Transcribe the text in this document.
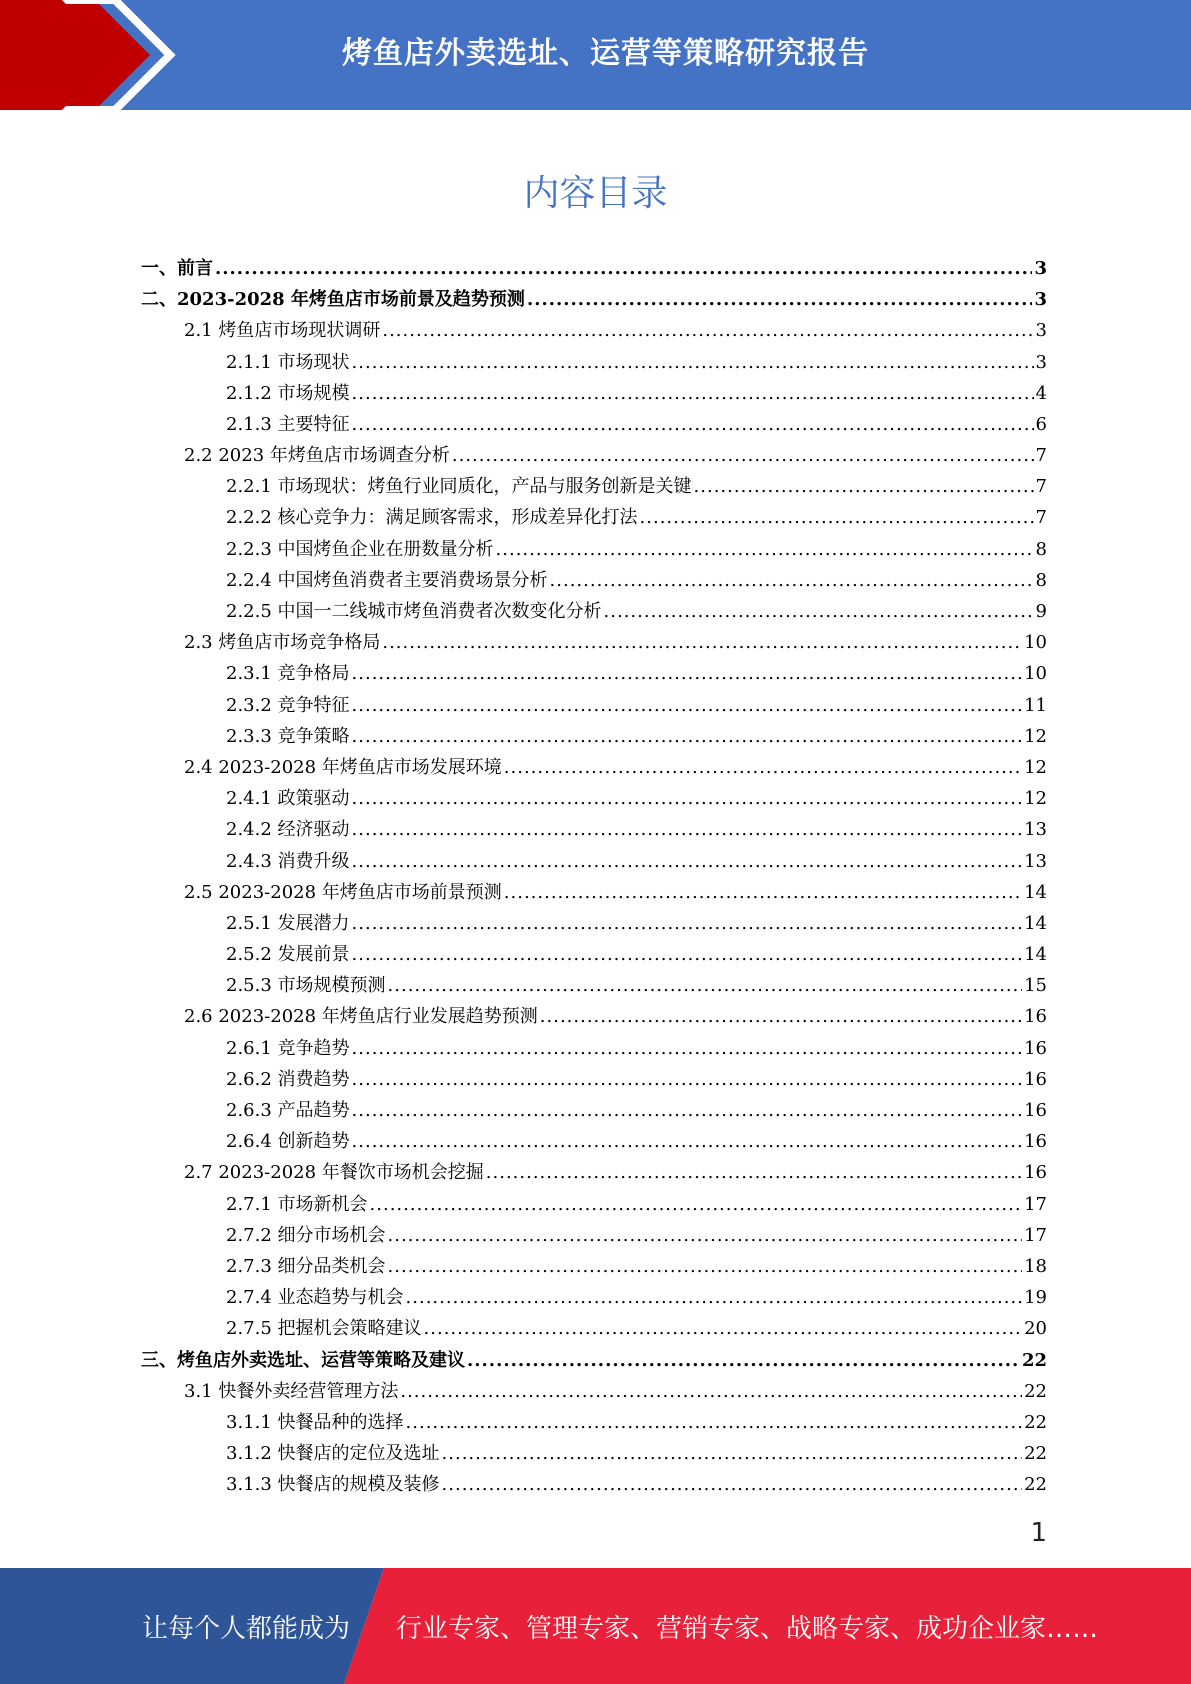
烤鱼店外卖选址、运营等策略研究报告
内容目录
一、前言 .....	3
二、2023-2028 年烤鱼店市场前景及趋势预测 .....	3
2.1 烤鱼店市场现状调研 .....	3
2.1.1 市场现状 .....	3
2.1.2 市场规模 .....	4
2.1.3 主要特征 .....	6
2.2 2023 年烤鱼店市场调查分析 .....	7
2.2.1 市场现状：烤鱼行业同质化，产品与服务创新是关键 .....	7
2.2.2 核心竞争力：满足顾客需求，形成差异化打法 .....	7
2.2.3 中国烤鱼企业在册数量分析 .....	8
2.2.4 中国烤鱼消费者主要消费场景分析 .....	8
2.2.5 中国一二线城市烤鱼消费者次数变化分析 .....	9
2.3 烤鱼店市场竞争格局 .....	10
2.3.1 竞争格局 .....	10
2.3.2 竞争特征 .....	11
2.3.3 竞争策略 .....	12
2.4 2023-2028 年烤鱼店市场发展环境 .....	12
2.4.1 政策驱动 .....	12
2.4.2 经济驱动 .....	13
2.4.3 消费升级 .....	13
2.5 2023-2028 年烤鱼店市场前景预测 .....	14
2.5.1 发展潜力 .....	14
2.5.2 发展前景 .....	14
2.5.3 市场规模预测 .....	15
2.6 2023-2028 年烤鱼店行业发展趋势预测 .....	16
2.6.1 竞争趋势 .....	16
2.6.2 消费趋势 .....	16
2.6.3 产品趋势 .....	16
2.6.4 创新趋势 .....	16
2.7 2023-2028 年餐饮市场机会挖掘 .....	16
2.7.1 市场新机会 .....	17
2.7.2 细分市场机会 .....	17
2.7.3 细分品类机会 .....	18
2.7.4 业态趋势与机会 .....	19
2.7.5 把握机会策略建议 .....	20
三、烤鱼店外卖选址、运营等策略及建议 .....	22
3.1 快餐外卖经营管理方法 .....	22
3.1.1 快餐品种的选择 .....	22
3.1.2 快餐店的定位及选址 .....	22
3.1.3 快餐店的规模及装修 .....	22
1
让每个人都能成为 行业专家、管理专家、营销专家、战略专家、成功企业家……
